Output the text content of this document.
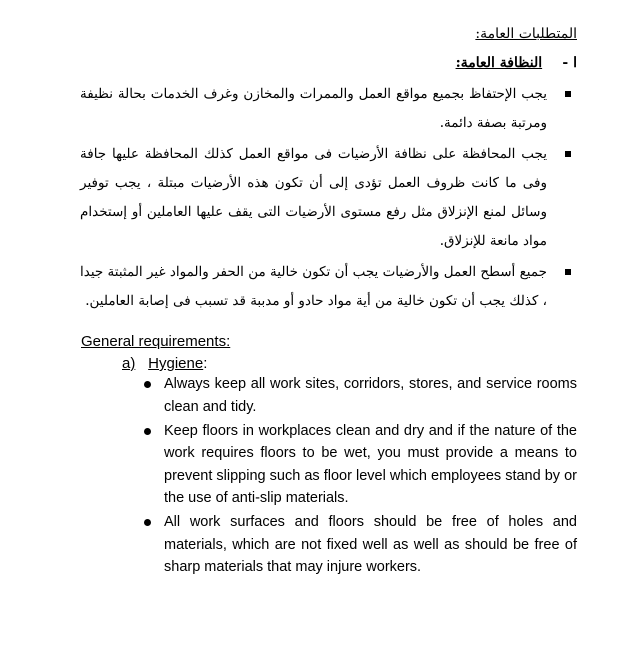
المتطلبات العامة:
ا - النظافة العامة:
يجب الإحتفاظ بجميع مواقع العمل والممرات والمخازن وغرف الخدمات بحالة نظيفة ومرتبة بصفة دائمة.
يجب المحافظة على نظافة الأرضيات فى مواقع العمل كذلك المحافظة عليها جافة وفى ما كانت ظروف العمل تؤدى إلى أن تكون هذه الأرضيات مبتلة ، يجب توفير وسائل لمنع الإنزلاق مثل رفع مستوى الأرضيات التى يقف عليها العاملين أو إستخدام مواد مانعة للإنزلاق.
جميع أسطح العمل والأرضيات يجب أن تكون خالية من الحفر والمواد غير المثبتة جيدا ، كذلك يجب أن تكون خالية من أية مواد حادو أو مدببة قد تسبب فى إصابة العاملين.
General requirements:
a) Hygiene:
Always keep all work sites, corridors, stores, and service rooms clean and tidy.
Keep floors in workplaces clean and dry and if the nature of the work requires floors to be wet, you must provide a means to prevent slipping such as floor level which employees stand by or the use of anti-slip materials.
All work surfaces and floors should be free of holes and materials, which are not fixed well as well as should be free of sharp materials that may injure workers.
